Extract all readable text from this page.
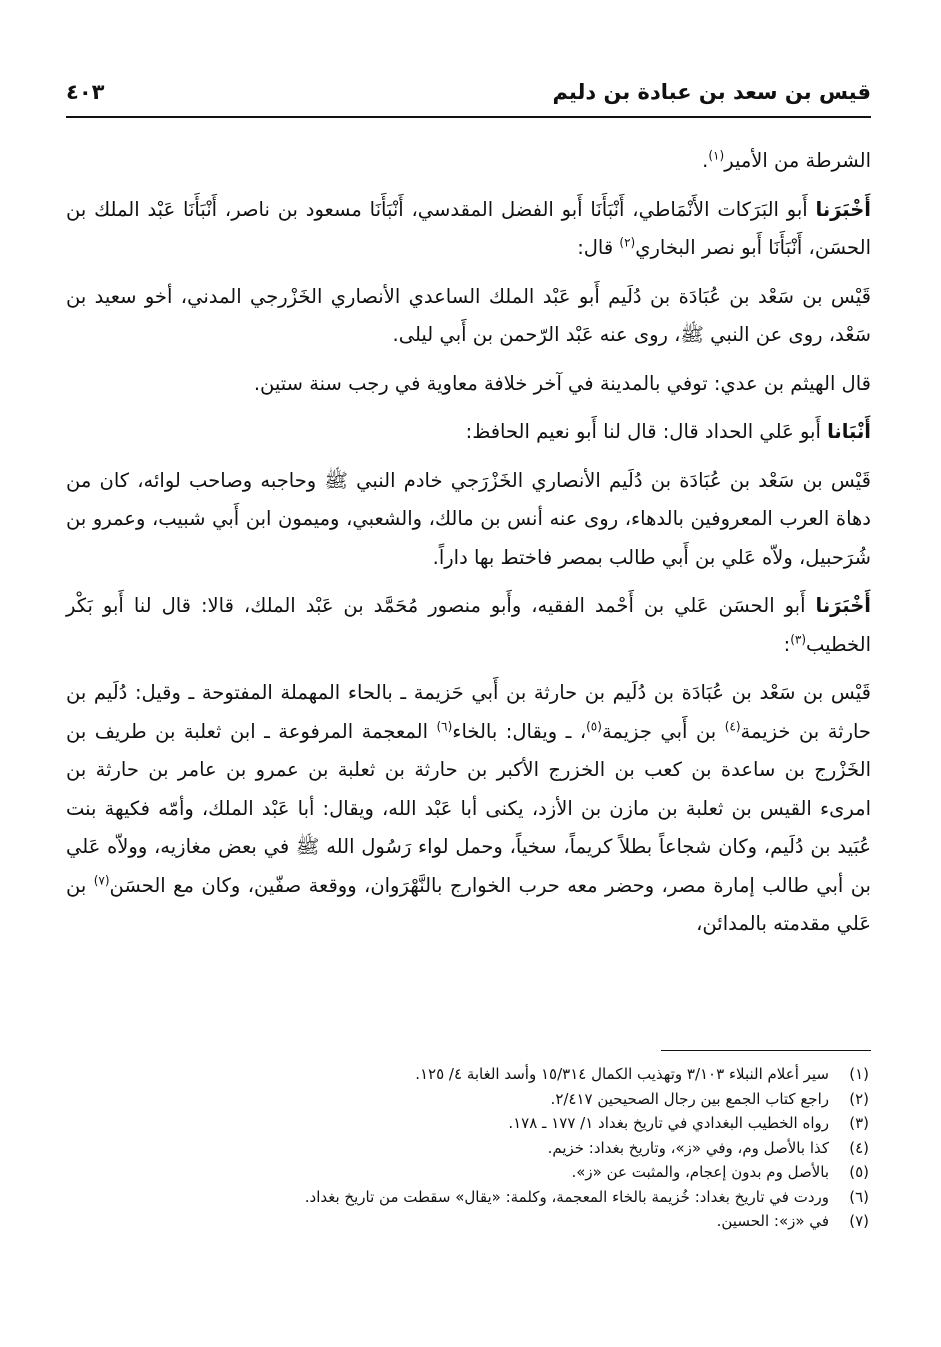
قيس بن سعد بن عبادة بن دليم
٤٠٣

الشرطة من الأمير$^{(١)}$.

أَخْبَرَنا أَبو البَرَكات الأَنْمَاطي، أَنْبَأَنَا أَبو الفضل المقدسي، أَنْبَأَنَا مسعود بن ناصر، أَنْبَأَنَا عَبْد الملك بن الحسَن، أَنْبَأَنَا أَبو نصر البخاري$^{(٢)}$ قال:

قَيْس بن سَعْد بن عُبَادَة بن دُلَيم أَبو عَبْد الملك الساعدي الأنصاري الخَزْرجي المدني، أخو سعيد بن سَعْد، روى عن النبي ﷺ، روى عنه عَبْد الرّحمن بن أَبي ليلى.

قال الهيثم بن عدي: توفي بالمدينة في آخر خلافة معاوية في رجب سنة ستين.

أَنْبَانا أَبو عَلي الحداد قال: قال لنا أَبو نعيم الحافظ:

قَيْس بن سَعْد بن عُبَادَة بن دُلَيم الأنصاري الخَزْرَجي خادم النبي ﷺ وحاجبه وصاحب لوائه، كان من دهاة العرب المعروفين بالدهاء، روى عنه أنس بن مالك، والشعبي، وميمون ابن أَبي شبيب، وعمرو بن شُرَحبيل، ولاّه عَلي بن أَبي طالب بمصر فاختط بها داراً.

أَخْبَرَنا أَبو الحسَن عَلي بن أَحْمد الفقيه، وأَبو منصور مُحَمَّد بن عَبْد الملك، قالا: قال لنا أَبو بَكْر الخطيب$^{(٣)}$:

قَيْس بن سَعْد بن عُبَادَة بن دُلَيم بن حارثة بن أَبي حَزيمة ـ بالحاء المهملة المفتوحة ـ وقيل: دُلَيم بن حارثة بن خزيمة$^{(٤)}$ بن أَبي جزيمة$^{(٥)}$، ـ ويقال: بالخاء$^{(٦)}$ المعجمة المرفوعة ـ ابن ثعلبة بن طريف بن الخَزْرج بن ساعدة بن كعب بن الخزرج الأكبر بن حارثة بن ثعلبة بن عمرو بن عامر بن حارثة بن امرىء القيس بن ثعلبة بن مازن بن الأزد، يكنى أبا عَبْد الله، ويقال: أبا عَبْد الملك، وأمّه فكيهة بنت عُبَيد بن دُلَيم، وكان شجاعاً بطلاً كريماً، سخياً، وحمل لواء رَسُول الله ﷺ في بعض مغازيه، وولاّه عَلي بن أبي طالب إمارة مصر، وحضر معه حرب الخوارج بالنَّهْرَوان، ووقعة صفّين، وكان مع الحسَن$^{(٧)}$ بن عَلي مقدمته بالمدائن،

(١)
سير أعلام النبلاء ٣/١٠٣ وتهذيب الكمال ١٥/٣١٤ وأسد الغابة ٤/ ١٢٥.
(٢)
راجع كتاب الجمع بين رجال الصحيحين ٢/٤١٧.
(٣)
رواه الخطيب البغدادي في تاريخ بغداد ١/ ١٧٧ ـ ١٧٨.
(٤)
كذا بالأصل وم، وفي «ز»، وتاريخ بغداد: خزيم.
(٥)
بالأصل وم بدون إعجام، والمثبت عن «ز».
(٦)
وردت في تاريخ بغداد: خُزيمة بالخاء المعجمة، وكلمة: «يقال» سقطت من تاريخ بغداد.
(٧)
في «ز»: الحسين.
